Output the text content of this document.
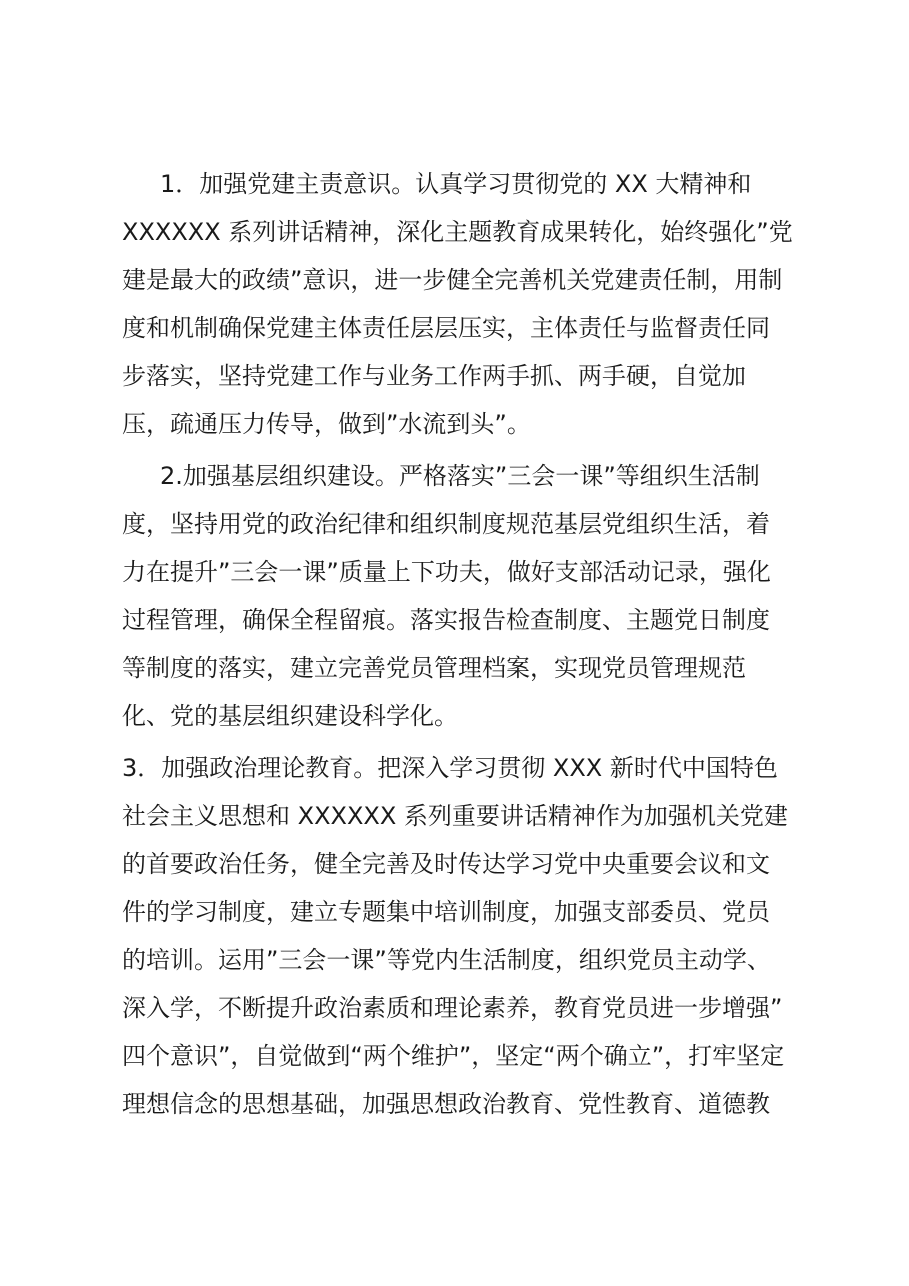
1．加强党建主责意识。认真学习贯彻党的 XX 大精神和
XXXXXX 系列讲话精神，深化主题教育成果转化，始终强化”党
建是最大的政绩”意识，进一步健全完善机关党建责任制，用制
度和机制确保党建主体责任层层压实，主体责任与监督责任同
步落实，坚持党建工作与业务工作两手抓、两手硬，自觉加
压，疏通压力传导，做到”水流到头”。
2.加强基层组织建设。严格落实”三会一课”等组织生活制
度，坚持用党的政治纪律和组织制度规范基层党组织生活，着
力在提升”三会一课”质量上下功夫，做好支部活动记录，强化
过程管理，确保全程留痕。落实报告检查制度、主题党日制度
等制度的落实，建立完善党员管理档案，实现党员管理规范
化、党的基层组织建设科学化。
3．加强政治理论教育。把深入学习贯彻 XXX 新时代中国特色
社会主义思想和 XXXXXX 系列重要讲话精神作为加强机关党建
的首要政治任务，健全完善及时传达学习党中央重要会议和文
件的学习制度，建立专题集中培训制度，加强支部委员、党员
的培训。运用”三会一课”等党内生活制度，组织党员主动学、
深入学，不断提升政治素质和理论素养，教育党员进一步增强”
四个意识”，自觉做到“两个维护”，坚定“两个确立”，打牢坚定
理想信念的思想基础，加强思想政治教育、党性教育、道德教
